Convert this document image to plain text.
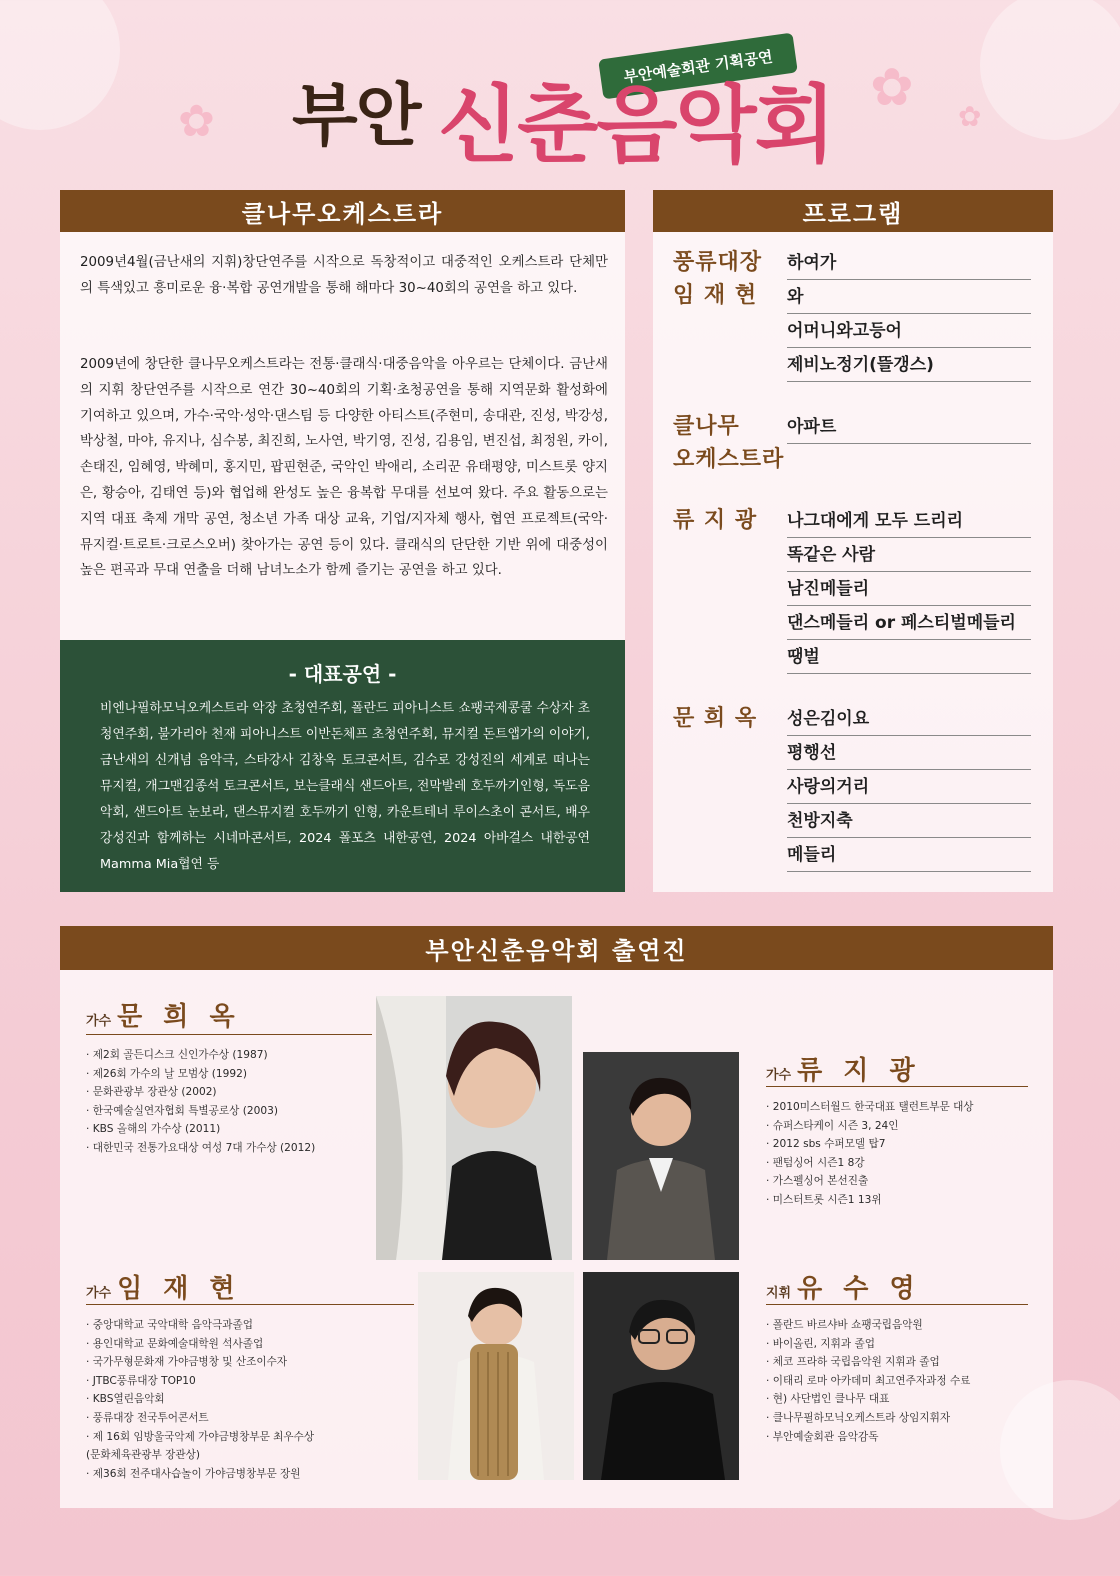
✿
✿ ✿
부안예술회관 기획공연
부안 신춘음악회
클나무오케스트라

2009년4월(금난새의 지휘)창단연주를 시작으로 독창적이고 대중적인 오케스트라 단체만의 특색있고 흥미로운 융·복합 공연개발을 통해 해마다 30~40회의 공연을 하고 있다.

2009년에 창단한 클나무오케스트라는 전통·클래식·대중음악을 아우르는 단체이다. 금난새의 지휘 창단연주를 시작으로 연간 30~40회의 기획·초청공연을 통해 지역문화 활성화에 기여하고 있으며, 가수·국악·성악·댄스팀 등 다양한 아티스트(주현미, 송대관, 진성, 박강성, 박상철, 마야, 유지나, 심수봉, 최진희, 노사연, 박기영, 진성, 김용임, 변진섭, 최정원, 카이, 손태진, 임혜영, 박혜미, 홍지민, 팝핀현준, 국악인 박애리, 소리꾼 유태평양, 미스트롯 양지은, 황승아, 김태연 등)와 협업해 완성도 높은 융복합 무대를 선보여 왔다. 주요 활동으로는 지역 대표 축제 개막 공연, 청소년 가족 대상 교육, 기업/지자체 행사, 협연 프로젝트(국악·뮤지컬·트로트·크로스오버) 찾아가는 공연 등이 있다. 클래식의 단단한 기반 위에 대중성이 높은 편곡과 무대 연출을 더해 남녀노소가 함께 즐기는 공연을 하고 있다.

- 대표공연 -

비엔나필하모닉오케스트라 악장 초청연주회, 폴란드 피아니스트 쇼팽국제콩쿨 수상자 초청연주회, 불가리아 천재 피아니스트 이반돈체프 초청연주회, 뮤지컬 돈트앱가의 이야기, 금난새의 신개념 음악극, 스타강사 김창옥 토크콘서트, 김수로 강성진의 세계로 떠나는 뮤지컬, 개그맨김종석 토크콘서트, 보는클래식 샌드아트, 전막발레 호두까기인형, 독도음악회, 샌드아트 눈보라, 댄스뮤지컬 호두까기 인형, 카운트테너 루이스초이 콘서트, 배우강성진과 함께하는 시네마콘서트, 2024 폴포츠 내한공연, 2024 아바걸스 내한공연 Mamma Mia협연 등

프로그램
풍류대장
임 재 현
하여가
와
어머니와고등어
제비노정기(뜰갱스)
클나무
오케스트라
아파트
류 지 광 나그대에게 모두 드리리
똑같은 사람
남진메들리
댄스메들리 or 페스티벌메들리
땡벌
문 희 옥 성은김이요
평행선
사랑의거리
천방지축
메들리
부안신춘음악회 출연진
가수 문 희 옥
· 제2회 골든디스크 신인가수상 (1987)
· 제26회 가수의 날 모범상 (1992)
· 문화관광부 장관상 (2002)
· 한국예술실연자협회 특별공로상 (2003)
· KBS 올해의 가수상 (2011)
· 대한민국 전통가요대상 여성 7대 가수상 (2012)
가수 류 지 광
· 2010미스터월드 한국대표 탤런트부문 대상
· 슈퍼스타케이 시즌 3, 24인
· 2012 sbs 수퍼모델 탑7
· 팬텀싱어 시즌1 8강
· 가스펠싱어 본선진출
· 미스터트롯 시즌1 13위
가수 임 재 현
· 중앙대학교 국악대학 음악극과졸업
· 용인대학교 문화예술대학원 석사졸업
· 국가무형문화재 가야금병창 및 산조이수자
· JTBC풍류대장 TOP10
· KBS열린음악회
· 풍류대장 전국투어콘서트
· 제 16회 임방울국악제 가야금병창부문 최우수상
(문화체육관광부 장관상)
· 제36회 전주대사습놀이 가야금병창부문 장원
지휘 유 수 영
· 폴란드 바르샤바 쇼팽국립음악원
· 바이올린, 지휘과 졸업
· 체코 프라하 국립음악원 지휘과 졸업
· 이태리 로마 아카데미 최고연주자과정 수료
· 현) 사단법인 클나무 대표
· 클나무필하모닉오케스트라 상임지휘자
· 부안예술회관 음악감독
